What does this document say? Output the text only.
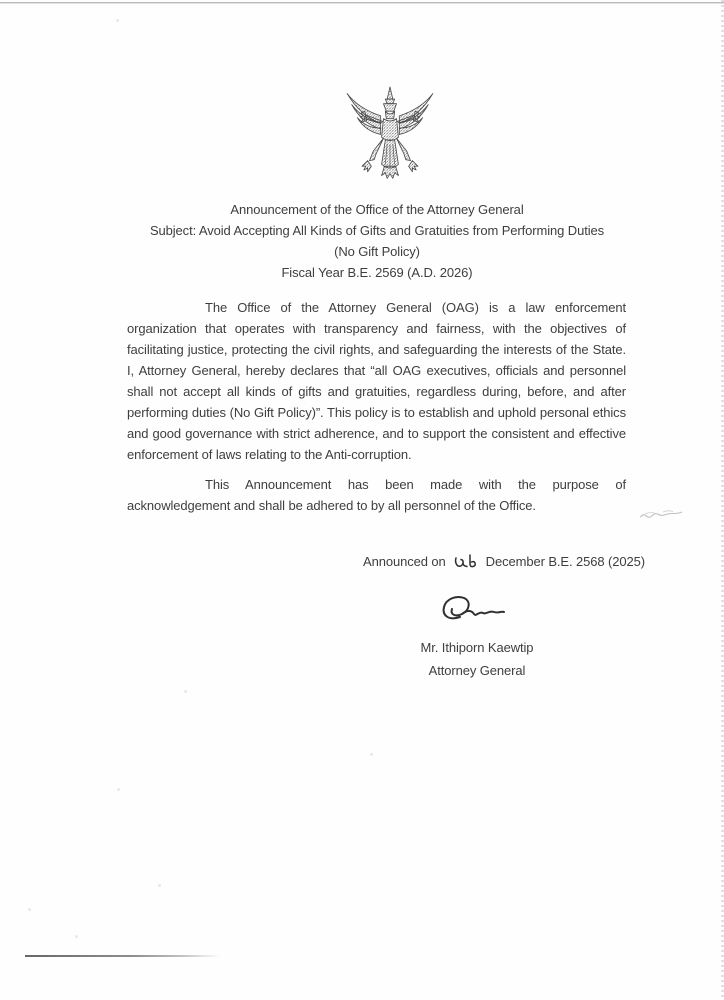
Announcement of the Office of the Attorney General
Subject: Avoid Accepting All Kinds of Gifts and Gratuities from Performing Duties
(No Gift Policy)
Fiscal Year B.E. 2569 (A.D. 2026)

The Office of the Attorney General (OAG) is a law enforcement organization that operates with transparency and fairness, with the objectives of facilitating justice, protecting the civil rights, and safeguarding the interests of the State. I, Attorney General, hereby declares that “all OAG executives, officials and personnel shall not accept all kinds of gifts and gratuities, regardless during, before, and after performing duties (No Gift Policy)”. This policy is to establish and uphold personal ethics and good governance with strict adherence, and to support the consistent and effective enforcement of laws relating to the Anti-corruption.

This Announcement has been made with the purpose of acknowledgement and shall be adhered to by all personnel of the Office.

Announced on	December B.E. 2568 (2025)
Mr. Ithiporn Kaewtip
Attorney General
